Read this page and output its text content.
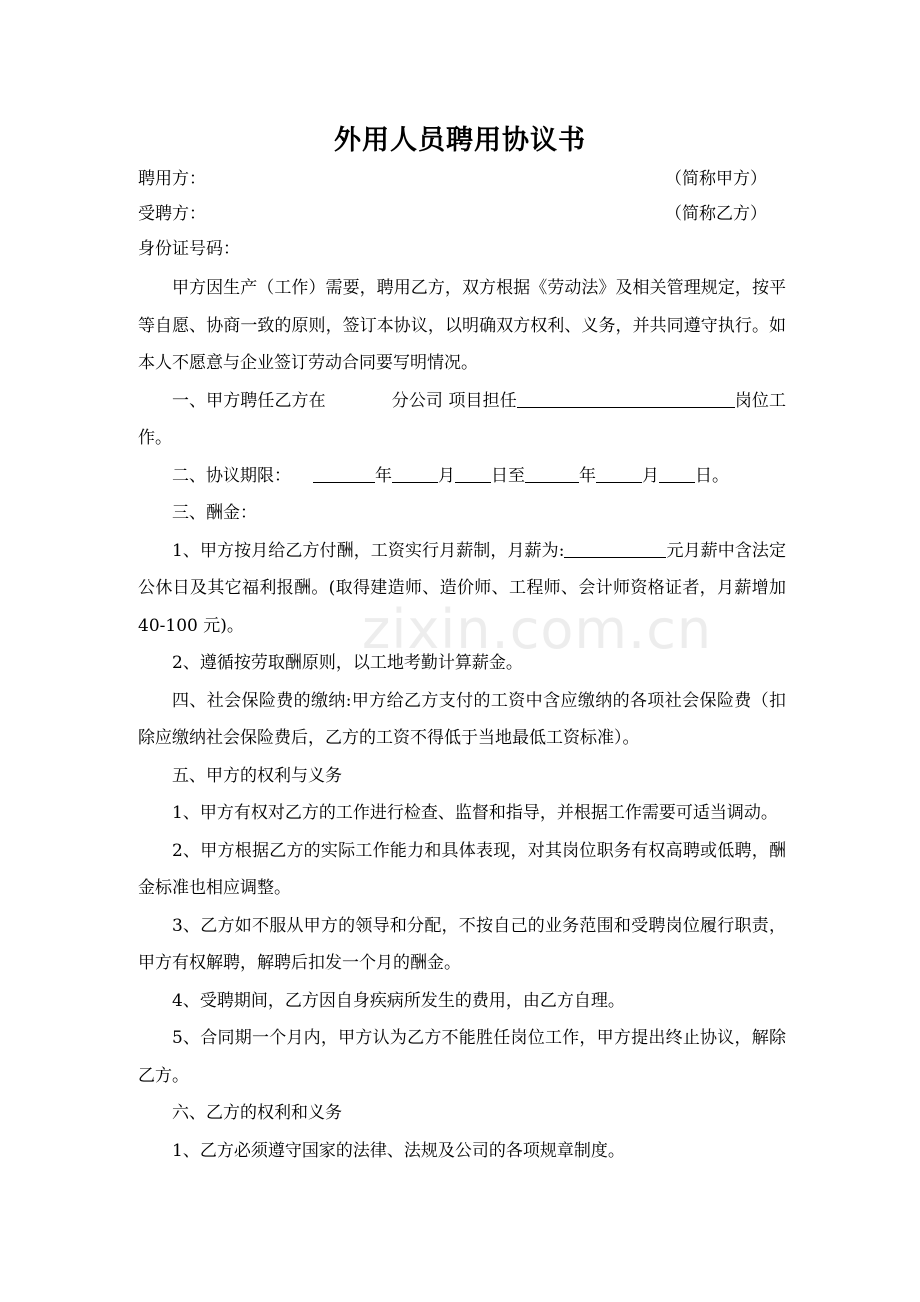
zixin.com.cn
外用人员聘用协议书
聘用方：	（简称甲方）
受聘方：	（简称乙方）
身份证号码：

甲方因生产（工作）需要，聘用乙方，双方根据《劳动法》及相关管理规定，按平等自愿、协商一致的原则，签订本协议，以明确双方权利、义务，并共同遵守执行。如本人不愿意与企业签订劳动合同要写明情况。

一、甲方聘任乙方在	分公司 项目担任	岗位工作。

二、协议期限：	年	月 日至	年	月 日。

三、酬金：

1、甲方按月给乙方付酬，工资实行月薪制，月薪为:	元月薪中含法定公休日及其它福利报酬。(取得建造师、造价师、工程师、会计师资格证者，月薪增加 40-100 元)。

2、遵循按劳取酬原则，以工地考勤计算薪金。

四、社会保险费的缴纳:甲方给乙方支付的工资中含应缴纳的各项社会保险费（扣除应缴纳社会保险费后，乙方的工资不得低于当地最低工资标准）。

五、甲方的权利与义务

1、甲方有权对乙方的工作进行检查、监督和指导，并根据工作需要可适当调动。

2、甲方根据乙方的实际工作能力和具体表现，对其岗位职务有权高聘或低聘，酬金标准也相应调整。

3、乙方如不服从甲方的领导和分配，不按自己的业务范围和受聘岗位履行职责，甲方有权解聘，解聘后扣发一个月的酬金。

4、受聘期间，乙方因自身疾病所发生的费用，由乙方自理。

5、合同期一个月内，甲方认为乙方不能胜任岗位工作，甲方提出终止协议，解除乙方。

六、乙方的权利和义务

1、乙方必须遵守国家的法律、法规及公司的各项规章制度。
